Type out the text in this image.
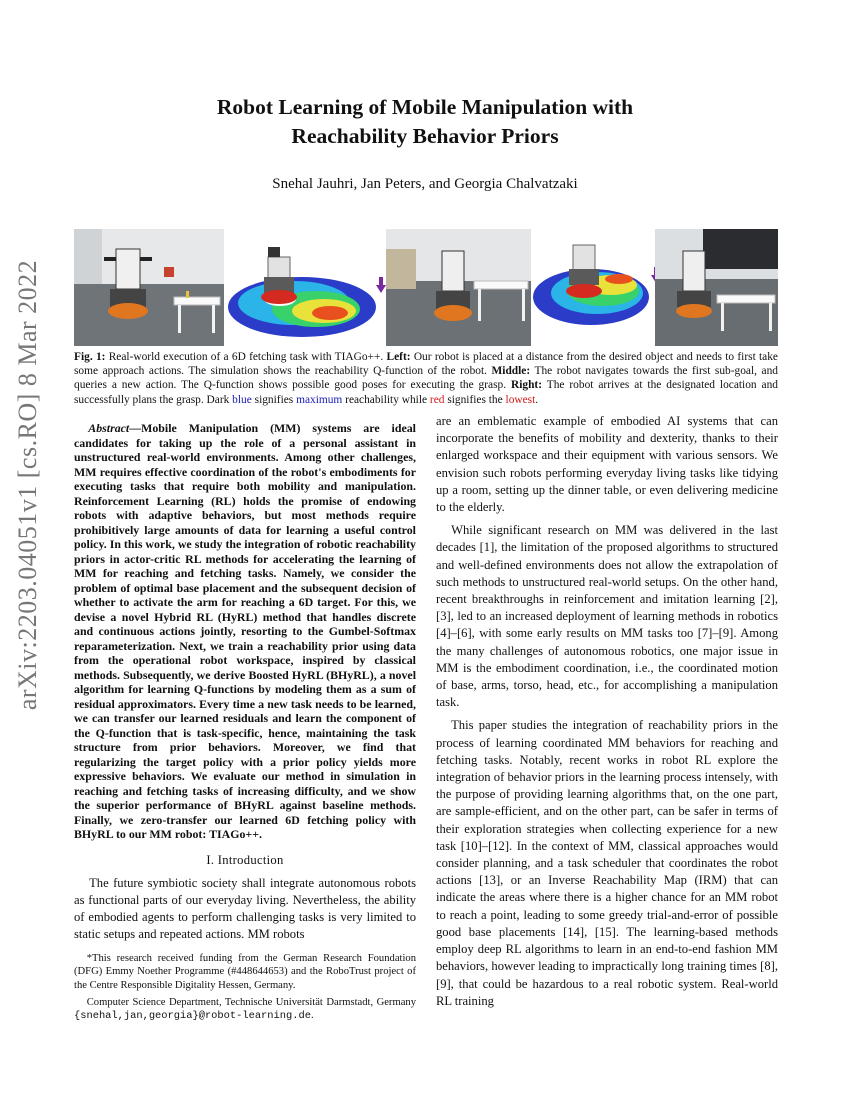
Robot Learning of Mobile Manipulation with
Reachability Behavior Priors
Snehal Jauhri, Jan Peters, and Georgia Chalvatzaki
arXiv:2203.04051v1 [cs.RO] 8 Mar 2022	Fig. 1: Real-world execution of a 6D fetching task with TIAGo++. Left: Our robot is placed at a distance from the desired object and needs to first take some approach actions. The simulation shows the reachability Q-function of the robot. Middle: The robot navigates towards the first sub-goal, and queries a new action. The Q-function shows possible good poses for executing the grasp. Right: The robot arrives at the designated location and successfully plans the grasp. Dark blue signifies maximum reachability while red signifies the lowest.
Abstract—Mobile Manipulation (MM) systems are ideal candidates for taking up the role of a personal assistant in unstructured real-world environments. Among other challenges, MM requires effective coordination of the robot's embodiments for executing tasks that require both mobility and manipulation. Reinforcement Learning (RL) holds the promise of endowing robots with adaptive behaviors, but most methods require prohibitively large amounts of data for learning a useful control policy. In this work, we study the integration of robotic reachability priors in actor-critic RL methods for accelerating the learning of MM for reaching and fetching tasks. Namely, we consider the problem of optimal base placement and the subsequent decision of whether to activate the arm for reaching a 6D target. For this, we devise a novel Hybrid RL (HyRL) method that handles discrete and continuous actions jointly, resorting to the Gumbel-Softmax reparameterization. Next, we train a reachability prior using data from the operational robot workspace, inspired by classical methods. Subsequently, we derive Boosted HyRL (BHyRL), a novel algorithm for learning Q-functions by modeling them as a sum of residual approximators. Every time a new task needs to be learned, we can transfer our learned residuals and learn the component of the Q-function that is task-specific, hence, maintaining the task structure from prior behaviors. Moreover, we find that regularizing the target policy with a prior policy yields more expressive behaviors. We evaluate our method in simulation in reaching and fetching tasks of increasing difficulty, and we show the superior performance of BHyRL against baseline methods. Finally, we zero-transfer our learned 6D fetching policy with BHyRL to our MM robot: TIAGo++.
I. Introduction

The future symbiotic society shall integrate autonomous robots as functional parts of our everyday living. Nevertheless, the ability of embodied agents to perform challenging tasks is very limited to static setups and repeated actions. MM robots

*This research received funding from the German Research Foundation (DFG) Emmy Noether Programme (#448644653) and the RoboTrust project of the Centre Responsible Digitality Hessen, Germany.

Computer Science Department, Technische Universität Darmstadt, Germany {snehal,jan,georgia}@robot-learning.de.

are an emblematic example of embodied AI systems that can incorporate the benefits of mobility and dexterity, thanks to their enlarged workspace and their equipment with various sensors. We envision such robots performing everyday living tasks like tidying up a room, setting up the dinner table, or even delivering medicine to the elderly.

While significant research on MM was delivered in the last decades [1], the limitation of the proposed algorithms to structured and well-defined environments does not allow the extrapolation of such methods to unstructured real-world setups. On the other hand, recent breakthroughs in reinforcement and imitation learning [2], [3], led to an increased deployment of learning methods in robotics [4]–[6], with some early results on MM tasks too [7]–[9]. Among the many challenges of autonomous robotics, one major issue in MM is the embodiment coordination, i.e., the coordinated motion of base, arms, torso, head, etc., for accomplishing a manipulation task.

This paper studies the integration of reachability priors in the process of learning coordinated MM behaviors for reaching and fetching tasks. Notably, recent works in robot RL explore the integration of behavior priors in the learning process intensely, with the purpose of providing learning algorithms that, on the one part, are sample-efficient, and on the other part, can be safer in terms of their exploration strategies when collecting experience for a new task [10]–[12]. In the context of MM, classical approaches would consider planning, and a task scheduler that coordinates the robot actions [13], or an Inverse Reachability Map (IRM) that can indicate the areas where there is a higher chance for an MM robot to reach a point, leading to some greedy trial-and-error of possible good base placements [14], [15]. The learning-based methods employ deep RL algorithms to learn in an end-to-end fashion MM behaviors, however leading to impractically long training times [8], [9], that could be hazardous to a real robotic system. Real-world RL training
